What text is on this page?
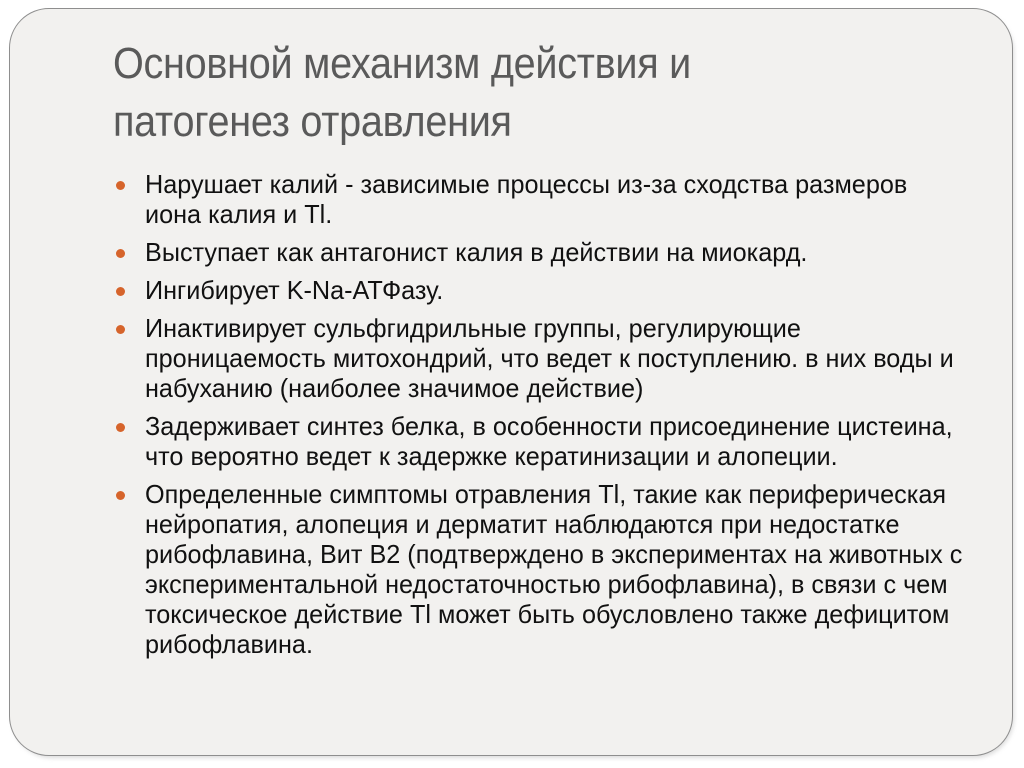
Основной механизм действия и
патогенез отравления
Нарушает калий - зависимые процессы из-за сходства размеров иона калия и Tl.
Выступает как антагонист калия в действии на миокард.
Ингибирует K-Na-АТФазу.
Инактивирует сульфгидрильные группы, регулирующие проницаемость митохондрий, что ведет к поступлению. в них воды и набуханию (наиболее значимое действие)
Задерживает синтез белка, в особенности присоединение цистеина, что вероятно ведет к задержке кератинизации и алопеции.
Определенные симптомы отравления Tl, такие как периферическая нейропатия, алопеция и дерматит наблюдаются при недостатке рибофлавина, Вит В2 (подтверждено в экспериментах на животных с экспериментальной недостаточностью рибофлавина), в связи с чем токсическое действие Tl может быть обусловлено также дефицитом рибофлавина.
